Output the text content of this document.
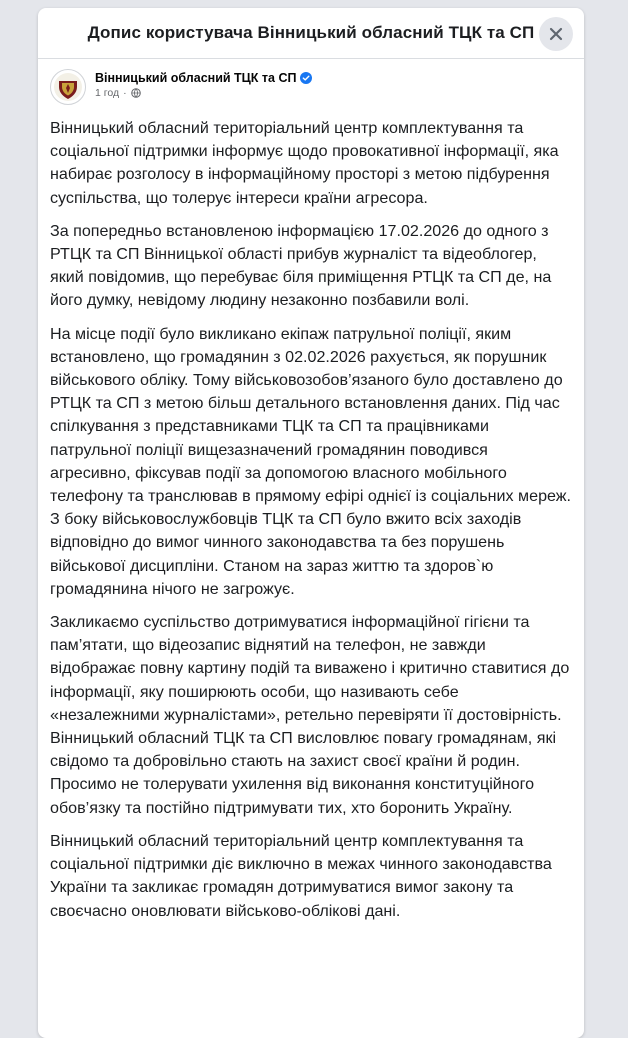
Допис користувача Вінницький обласний ТЦК та СП
Вінницький обласний ТЦК та СП
1 год ·

Вінницький обласний територіальний центр комплектування та соціальної підтримки інформує щодо провокативної інформації, яка набирає розголосу в інформаційному просторі з метою підбурення суспільства, що толерує інтереси країни агресора.

За попередньо встановленою інформацією 17.02.2026 до одного з РТЦК та СП Вінницької області прибув журналіст та відеоблогер, який повідомив, що перебуває біля приміщення РТЦК та СП де, на його думку, невідому людину незаконно позбавили волі.

На місце події було викликано екіпаж патрульної поліції, яким встановлено, що громадянин з 02.02.2026 рахується, як порушник військового обліку. Тому військовозобов’язаного було доставлено до РТЦК та СП з метою більш детального встановлення даних. Під час спілкування з представниками ТЦК та СП та працівниками патрульної поліції вищезазначений громадянин поводився агресивно, фіксував події за допомогою власного мобільного телефону та транслював в прямому ефірі однієї із соціальних мереж. З боку військовослужбовців ТЦК та СП було вжито всіх заходів відповідно до вимог чинного законодавства та без порушень військової дисципліни. Станом на зараз життю та здоров`ю громадянина нічого не загрожує.

Закликаємо суспільство дотримуватися інформаційної гігієни та пам’ятати, що відеозапис віднятий на телефон, не завжди відображає повну картину подій та виважено і критично ставитися до інформації, яку поширюють особи, що називають себе «незалежними журналістами», ретельно перевіряти її достовірність. Вінницький обласний ТЦК та СП висловлює повагу громадянам, які свідомо та добровільно стають на захист своєї країни й родин. Просимо не толерувати ухилення від виконання конституційного обов’язку та постійно підтримувати тих, хто боронить Україну.

Вінницький обласний територіальний центр комплектування та соціальної підтримки діє виключно в межах чинного законодавства України та закликає громадян дотримуватися вимог закону та своєчасно оновлювати військово-облікові дані.
